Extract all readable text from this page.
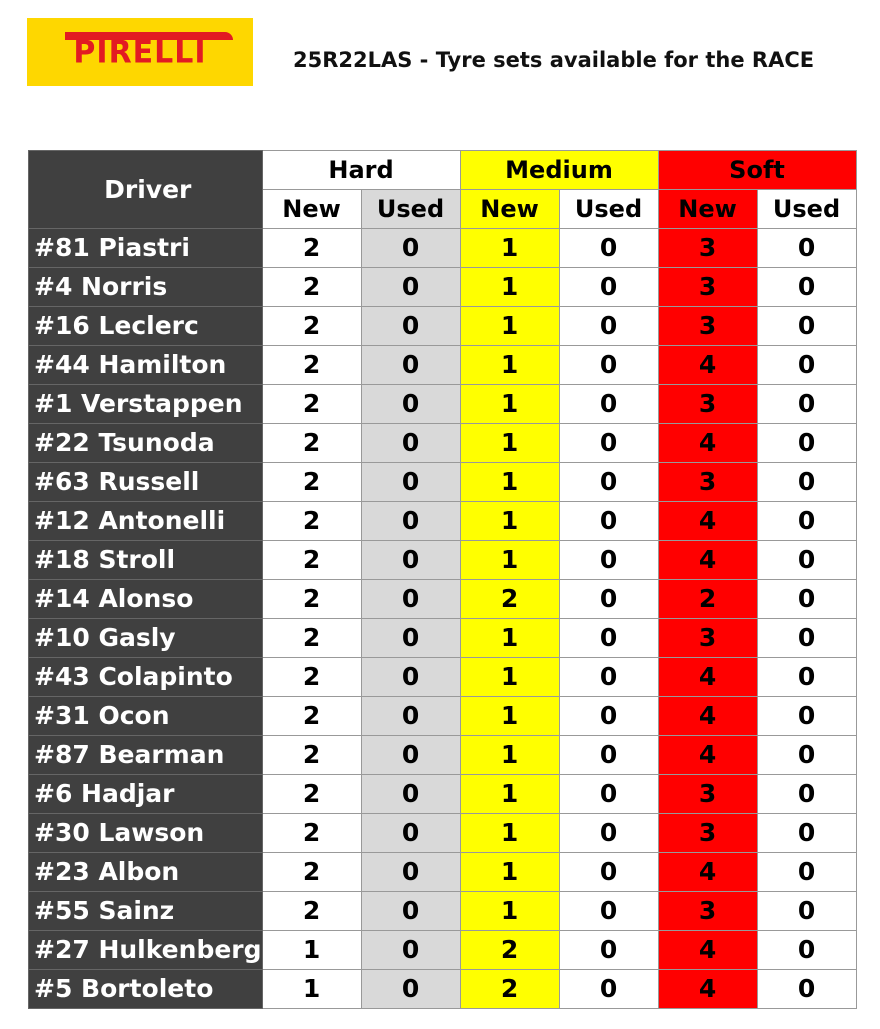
PIRELLI	25R22LAS - Tyre sets available for the RACE
Driver	Hard		Medium		Soft	
	New	Used	New	Used	New	Used
#81 Piastri	2	0	1	0	3	0
#4 Norris	2	0	1	0	3	0
#16 Leclerc	2	0	1	0	3	0
#44 Hamilton	2	0	1	0	4	0
#1 Verstappen	2	0	1	0	3	0
#22 Tsunoda	2	0	1	0	4	0
#63 Russell	2	0	1	0	3	0
#12 Antonelli	2	0	1	0	4	0
#18 Stroll	2	0	1	0	4	0
#14 Alonso	2	0	2	0	2	0
#10 Gasly	2	0	1	0	3	0
#43 Colapinto	2	0	1	0	4	0
#31 Ocon	2	0	1	0	4	0
#87 Bearman	2	0	1	0	4	0
#6 Hadjar	2	0	1	0	3	0
#30 Lawson	2	0	1	0	3	0
#23 Albon	2	0	1	0	4	0
#55 Sainz	2	0	1	0	3	0
#27 Hulkenberg	1	0	2	0	4	0
#5 Bortoleto	1	0	2	0	4	0
